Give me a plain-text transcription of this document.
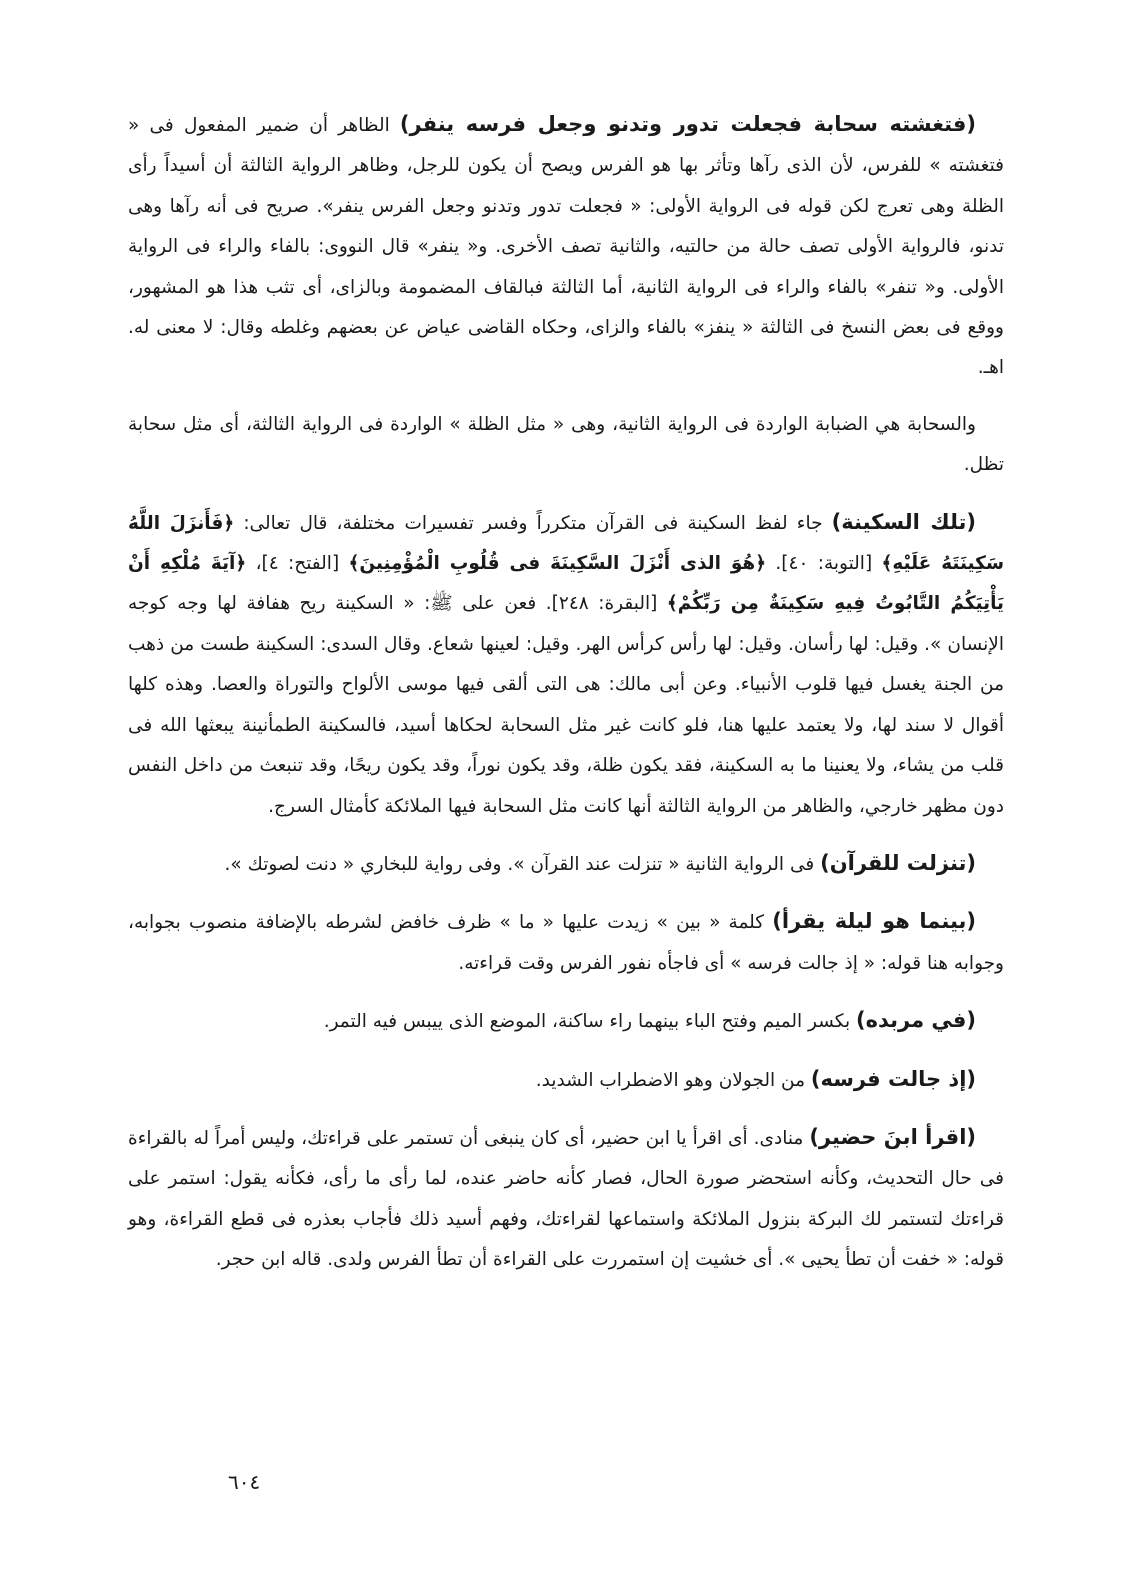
(فتغشته سحابة فجعلت تدور وتدنو وجعل فرسه ينفر) الظاهر أن ضمير المفعول فى « فتغشته » للفرس، لأن الذى رآها وتأثر بها هو الفرس ويصح أن يكون للرجل، وظاهر الرواية الثالثة أن أسيداً رأى الظلة وهى تعرج لكن قوله فى الرواية الأولى: « فجعلت تدور وتدنو وجعل الفرس ينفر». صريح فى أنه رآها وهى تدنو، فالرواية الأولى تصف حالة من حالتيه، والثانية تصف الأخرى. و« ينفر» قال النووى: بالفاء والراء فى الرواية الأولى. و« تنفر» بالفاء والراء فى الرواية الثانية، أما الثالثة فبالقاف المضمومة وبالزاى، أى تثب هذا هو المشهور، ووقع فى بعض النسخ فى الثالثة « ينفز» بالفاء والزاى، وحكاه القاضى عياض عن بعضهم وغلطه وقال: لا معنى له. اهـ.

والسحابة هي الضبابة الواردة فى الرواية الثانية، وهى « مثل الظلة » الواردة فى الرواية الثالثة، أى مثل سحابة تظل.

(تلك السكينة) جاء لفظ السكينة فى القرآن متكرراً وفسر تفسيرات مختلفة، قال تعالى: ﴿فَأَنزَلَ اللَّهُ سَكِينَتَهُ عَلَيْهِ﴾ [التوبة: ٤٠]. ﴿هُوَ الذى أَنْزَلَ السَّكِينَةَ فى قُلُوبِ الْمُؤْمِنِينَ﴾ [الفتح: ٤]، ﴿آيَةَ مُلْكِهِ أَنْ يَأْتِيَكُمُ التَّابُوتُ فِيهِ سَكِينَةٌ مِن رَبِّكُمْ﴾ [البقرة: ٢٤٨]. فعن على ﷺ: « السكينة ريح هفافة لها وجه كوجه الإنسان ». وقيل: لها رأسان. وقيل: لها رأس كرأس الهر. وقيل: لعينها شعاع. وقال السدى: السكينة طست من ذهب من الجنة يغسل فيها قلوب الأنبياء. وعن أبى مالك: هى التى ألقى فيها موسى الألواح والتوراة والعصا. وهذه كلها أقوال لا سند لها، ولا يعتمد عليها هنا، فلو كانت غير مثل السحابة لحكاها أسيد، فالسكينة الطمأنينة يبعثها الله فى قلب من يشاء، ولا يعنينا ما به السكينة، فقد يكون ظلة، وقد يكون نوراً، وقد يكون ريحًا، وقد تنبعث من داخل النفس دون مظهر خارجي، والظاهر من الرواية الثالثة أنها كانت مثل السحابة فيها الملائكة كأمثال السرج.

(تنزلت للقرآن) فى الرواية الثانية « تنزلت عند القرآن ». وفى رواية للبخاري « دنت لصوتك ».

(بينما هو ليلة يقرأ) كلمة « بين » زيدت عليها « ما » ظرف خافض لشرطه بالإضافة منصوب بجوابه، وجوابه هنا قوله: « إذ جالت فرسه » أى فاجأه نفور الفرس وقت قراءته.

(في مربده) بكسر الميم وفتح الباء بينهما راء ساكنة، الموضع الذى ييبس فيه التمر.

(إذ جالت فرسه) من الجولان وهو الاضطراب الشديد.

(اقرأ ابنَ حضير) منادى. أى اقرأ يا ابن حضير، أى كان ينبغى أن تستمر على قراءتك، وليس أمراً له بالقراءة فى حال التحديث، وكأنه استحضر صورة الحال، فصار كأنه حاضر عنده، لما رأى ما رأى، فكأنه يقول: استمر على قراءتك لتستمر لك البركة بنزول الملائكة واستماعها لقراءتك، وفهم أسيد ذلك فأجاب بعذره فى قطع القراءة، وهو قوله: « خفت أن تطأ يحيى ». أى خشيت إن استمررت على القراءة أن تطأ الفرس ولدى. قاله ابن حجر.

٦٠٤
